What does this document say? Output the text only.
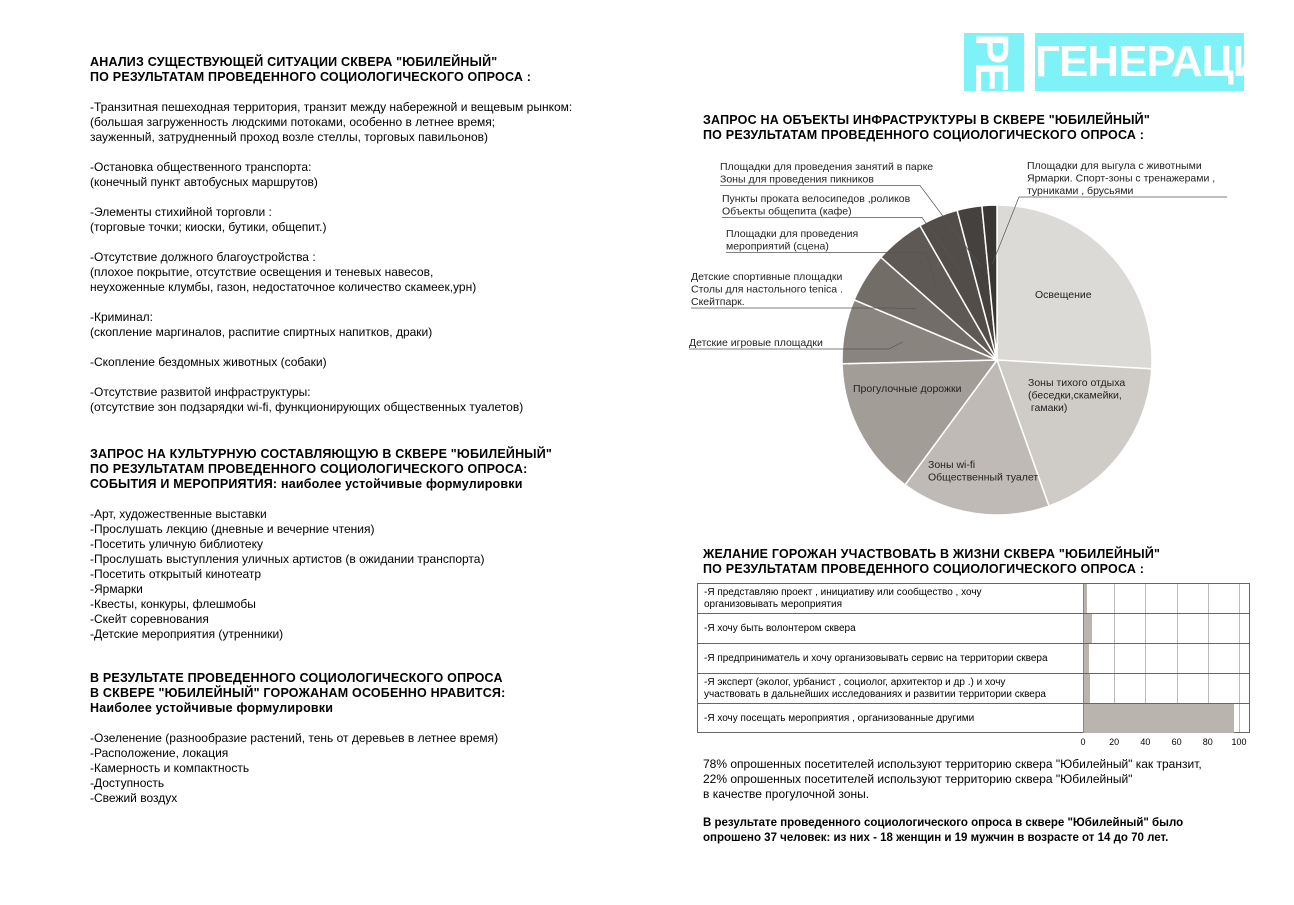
РЕ ГЕНЕРАЦИЯ

АНАЛИЗ СУЩЕСТВУЮЩЕЙ СИТУАЦИИ СКВЕРА "ЮБИЛЕЙНЫЙ"

ПО РЕЗУЛЬТАТАМ ПРОВЕДЕННОГО СОЦИОЛОГИЧЕСКОГО ОПРОСА :

-Транзитная пешеходная территория, транзит между набережной и вещевым рынком:

(большая загруженность людскими потоками, особенно в летнее время;

зауженный, затрудненный проход возле стеллы, торговых павильонов)

-Остановка общественного транспорта:

(конечный пункт автобусных маршрутов)

-Элементы стихийной торговли :

(торговые точки; киоски, бутики, общепит.)

-Отсутствие должного благоустройства :

(плохое покрытие, отсутствие освещения и теневых навесов,

неухоженные клумбы, газон, недостаточное количество скамеек,урн)

-Криминал:

(скопление маргиналов, распитие спиртных напитков, драки)

-Скопление бездомных животных (собаки)

-Отсутствие развитой инфраструктуры:

(отсутствие зон подзарядки wi-fi, функционирующих общественных туалетов)

ЗАПРОС НА КУЛЬТУРНУЮ СОСТАВЛЯЮЩУЮ В СКВЕРЕ "ЮБИЛЕЙНЫЙ"

ПО РЕЗУЛЬТАТАМ ПРОВЕДЕННОГО СОЦИОЛОГИЧЕСКОГО ОПРОСА:

СОБЫТИЯ И МЕРОПРИЯТИЯ: наиболее устойчивые формулировки

-Арт, художественные выставки

-Прослушать лекцию (дневные и вечерние чтения)

-Посетить уличную библиотеку

-Прослушать выступления уличных артистов (в ожидании транспорта)

-Посетить открытый кинотеатр

-Ярмарки

-Квесты, конкуры, флешмобы

-Скейт соревнования

-Детские мероприятия (утренники)

В РЕЗУЛЬТАТЕ ПРОВЕДЕННОГО СОЦИОЛОГИЧЕСКОГО ОПРОСА

В СКВЕРЕ "ЮБИЛЕЙНЫЙ" ГОРОЖАНАМ ОСОБЕННО НРАВИТСЯ:

Наиболее устойчивые формулировки

-Озеленение (разнообразие растений, тень от деревьев в летнее время)

-Расположение, локация

-Камерность и компактность

-Доступность

-Свежий воздух

ЗАПРОС НА ОБЪЕКТЫ ИНФРАСТРУКТУРЫ В СКВЕРЕ "ЮБИЛЕЙНЫЙ"

ПО РЕЗУЛЬТАТАМ ПРОВЕДЕННОГО СОЦИОЛОГИЧЕСКОГО ОПРОСА :

Освещение
Зоны тихого отдыха (беседки,скамейки, гамаки)
Зоны wi-fi Общественный туалет
Прогулочные дорожки
Детские игровые площадки
Детские спортивные площадки Столы для настольного teniса . Скейтпарк.
Площадки для проведения мероприятий (сцена)
Пункты проката велосипедов ,роликов Объекты общепита (кафе)
Площадки для проведения занятий в парке Зоны для проведения пикников
Площадки для выгула с животными Ярмарки. Спорт-зоны с тренажерами , турниками , брусьями

ЖЕЛАНИЕ ГОРОЖАН УЧАСТВОВАТЬ В ЖИЗНИ СКВЕРА "ЮБИЛЕЙНЫЙ"

ПО РЕЗУЛЬТАТАМ ПРОВЕДЕННОГО СОЦИОЛОГИЧЕСКОГО ОПРОСА :

-Я представляю проект , инициативу или сообщество , хочу
организовывать мероприятия
-Я хочу быть волонтером сквера
-Я предприниматель и хочу организовывать сервис на территории сквера
-Я эксперт (эколог, урбанист , социолог, архитектор и др .) и хочу
участвовать в дальнейших исследованиях и развитии территории сквера
-Я хочу посещать мероприятия , организованные другими
0	20	40	60	80	100

78% опрошенных посетителей используют территорию сквера "Юбилейный" как транзит,

22% опрошенных посетителей используют территорию сквера "Юбилейный"

в качестве прогулочной зоны.

В результате проведенного социологического опроса в сквере "Юбилейный" было

опрошено 37 человек: из них - 18 женщин и 19 мужчин в возрасте от 14 до 70 лет.
